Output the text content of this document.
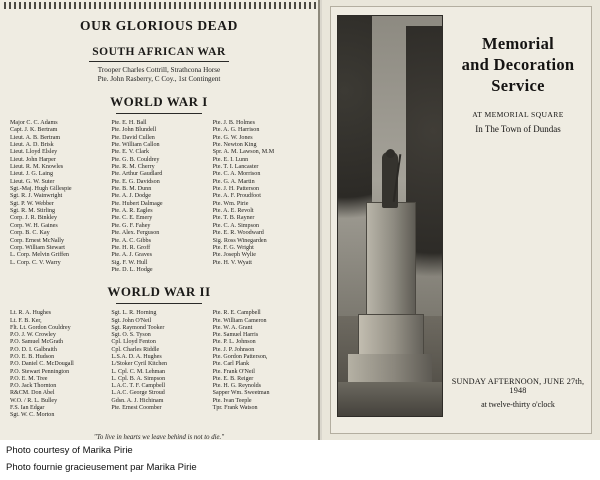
OUR GLORIOUS DEAD
SOUTH AFRICAN WAR
Trooper Charles Cottrill, Strathcona Horse
Pte. John Rasberry, C Coy., 1st Contingent
WORLD WAR I
Major C. C. Adams
Capt. J. K. Bertram
Lieut. A. B. Bertram
Lieut. A. D. Brisk
Lieut. Lloyd Elsley
Lieut. John Harper
Lieut. R. M. Knowles
Lieut. J. G. Laing
Lieut. G. W. Suter
Sgt.-Maj. Hugh Gillespie
Sgt. R. J. Wainwright
Sgt. P. W. Webber
Sgt. R. M. Stirling
Corp. J. R. Binkley
Corp. W. H. Gaines
Corp. B. C. Kay
Corp. Ernest McNally
Corp. William Stewart
L. Corp. Melvin Griffen
L. Corp. C. V. Warry
Pte. E. H. Ball
Pte. John Blundell
Pte. David Cullen
Pte. William Callon
Pte. E. V. Clark
Pte. G. B. Couldrey
Pte. R. M. Cherry
Pte. Arthur Gaudlard
Pte. E. G. Davidson
Pte. B. M. Dunn
Pte. A. J. Dodge
Pte. Hubert Dalmage
Pte. A. R. Eagles
Pte. C. E. Emery
Pte. G. F. Fahey
Pte. Alex. Ferguson
Pte. A. C. Gibbs
Pte. H. R. Groff
Pte. A. J. Graves
Sig. F. W. Hull
Pte. D. L. Hodge
Pte. J. B. Holmes
Pte. A. G. Harrison
Pte. G. W. Jones
Pte. Newton King
Spr. A. M. Lawson, M.M
Pte. E. I. Lunn
Pte. T. I. Lancaster
Pte. C. A. Morrison
Pte. G. A. Martin
Pte. J. H. Patterson
Pte. A. F. Proudfoot
Pte. Wm. Pirie
Pte. A. E. Revolt
Pte. T. B. Rayner
Pte. C. A. Simpson
Pte. E. R. Woodward
Sig. Ross Winegarden
Pte. F. G. Wright
Pte. Joseph Wylie
Pte. H. V. Wyatt
WORLD WAR II
Lt. R. A. Hughes
Lt. F. B. Ker,
Flt. Lt. Gordon Couldrey
P.O. J. W. Crowley
P.O. Samuel McGrath
P.O. D. I. Galbraith
P.O. E. B. Hudson
P.O. Daniel C. McDougall
P.O. Stewart Pennington
P.O. E. M. Tree
P.O. Jack Thornton
R&CM. Don Abel
W.O. / R. L. Bulley
F.S. Ian Edgar
Sgt. W. C. Morton
Sgt. L. R. Horning
Sgt. John O'Neil
Sgt. Raymond Tooker
Sgt. O. S. Tyson
Cpl. Lloyd Fenton
Cpl. Charles Riddle
L.S.A. D. A. Hughes
L/Stoker Cyril Kitchen
L. Cpl. C. M. Lehman
L. Cpl. B. A. Simpson
L.A.C. T. F. Campbell
L.A.C. George Stroud
Gdsn. A. J. Hichinam
Pte. Ernest Coomber
Pte. R. E. Campbell
Pte. William Cameron
Pte. W. A. Grant
Pte. Samuel Harris
Pte. P. L. Johnson
Pte. J. P. Johnson
Pte. Gordon Patterson,
Pte. Carl Plank
Pte. Frank O'Neil
Pte. E. B. Reiger
Pte. H. G. Reynolds
Sapper Wm. Sweetman
Pte. Ivan Teeple
Tpr. Frank Watson
"To live in hearts we leave behind is not to die."
Memorial
and Decoration Service
AT MEMORIAL SQUARE
In The Town of Dundas
SUNDAY AFTERNOON, JUNE 27th, 1948
at twelve-thirty o'clock
Photo courtesy of Marika Pirie
Photo fournie gracieusement par Marika Pirie
